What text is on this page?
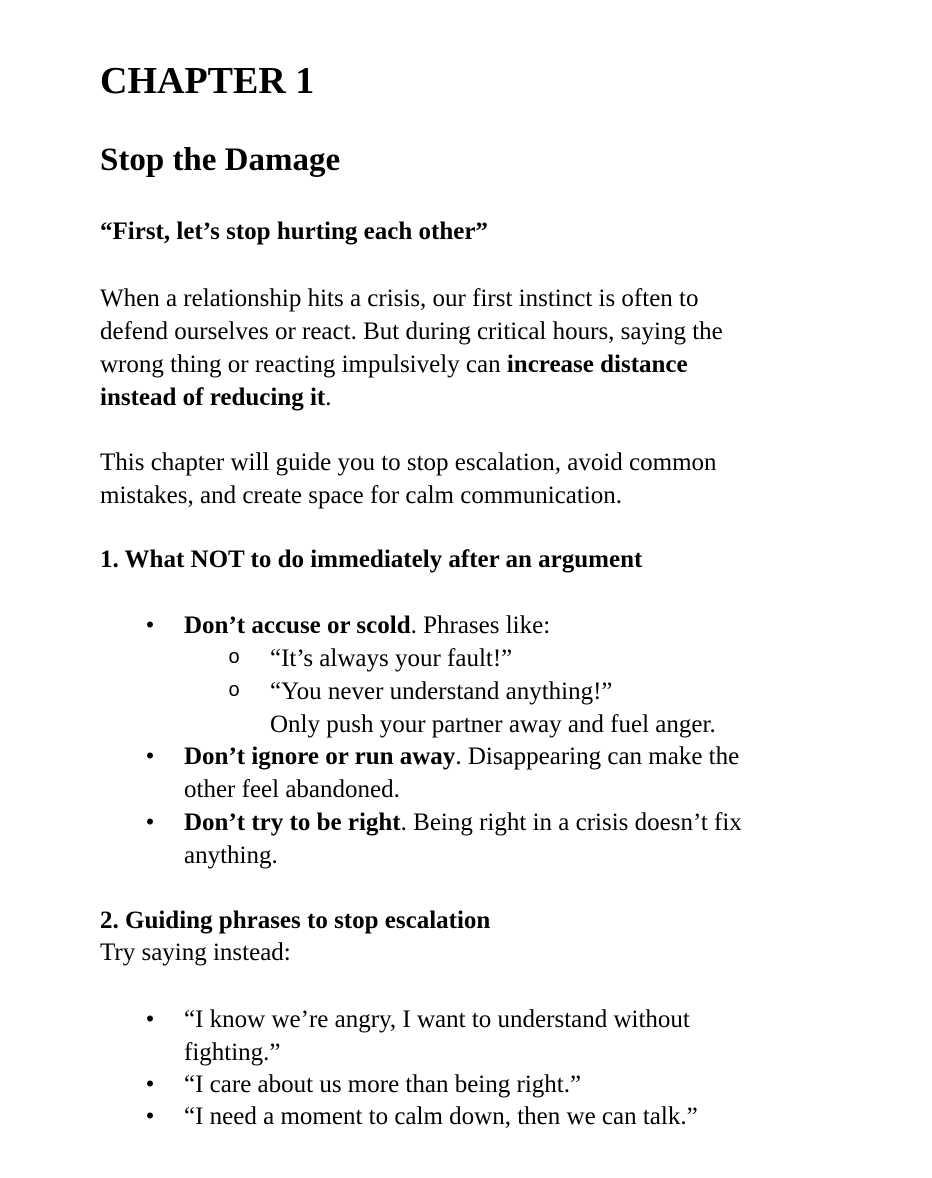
CHAPTER 1
Stop the Damage

“First, let’s stop hurting each other”

When a relationship hits a crisis, our first instinct is often to
defend ourselves or react. But during critical hours, saying the
wrong thing or reacting impulsively can increase distance
instead of reducing it.

This chapter will guide you to stop escalation, avoid common
mistakes, and create space for calm communication.

1. What NOT to do immediately after an argument
• Don’t accuse or scold. Phrases like:
o “It’s always your fault!”
o “You never understand anything!”
Only push your partner away and fuel anger.
• Don’t ignore or run away. Disappearing can make the
other feel abandoned.
• Don’t try to be right. Being right in a crisis doesn’t fix
anything.
2. Guiding phrases to stop escalation

Try saying instead:

• “I know we’re angry, I want to understand without
fighting.”
• “I care about us more than being right.”
• “I need a moment to calm down, then we can talk.”
